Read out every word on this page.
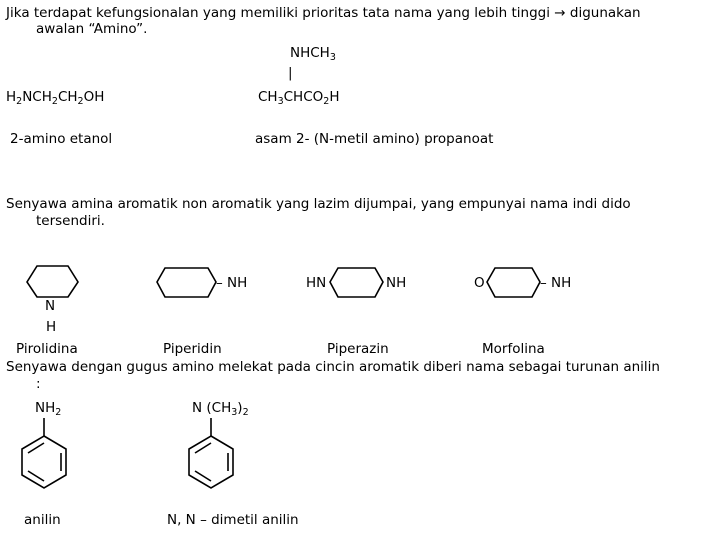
Jika terdapat kefungsionalan yang memiliki prioritas tata nama yang lebih tinggi → digunakan
awalan “Amino”.
$NHCH_3$
|
$H_2NCH_2CH_2OH$	$CH_3CHCO_2H$
2-amino etanol	asam 2- (N-metil amino) propanoat
Senyawa amina aromatik non aromatik yang lazim dijumpai, yang empunyai nama indi dido
tersendiri.
N
H
– NH	HN	NH	O	– NH
Pirolidina	Piperidin	Piperazin	Morfolina
Senyawa dengan gugus amino melekat pada cincin aromatik diberi nama sebagai turunan anilin
:
$NH_2$	N $(CH_3)_2$
anilin	N, N – dimetil anilin
